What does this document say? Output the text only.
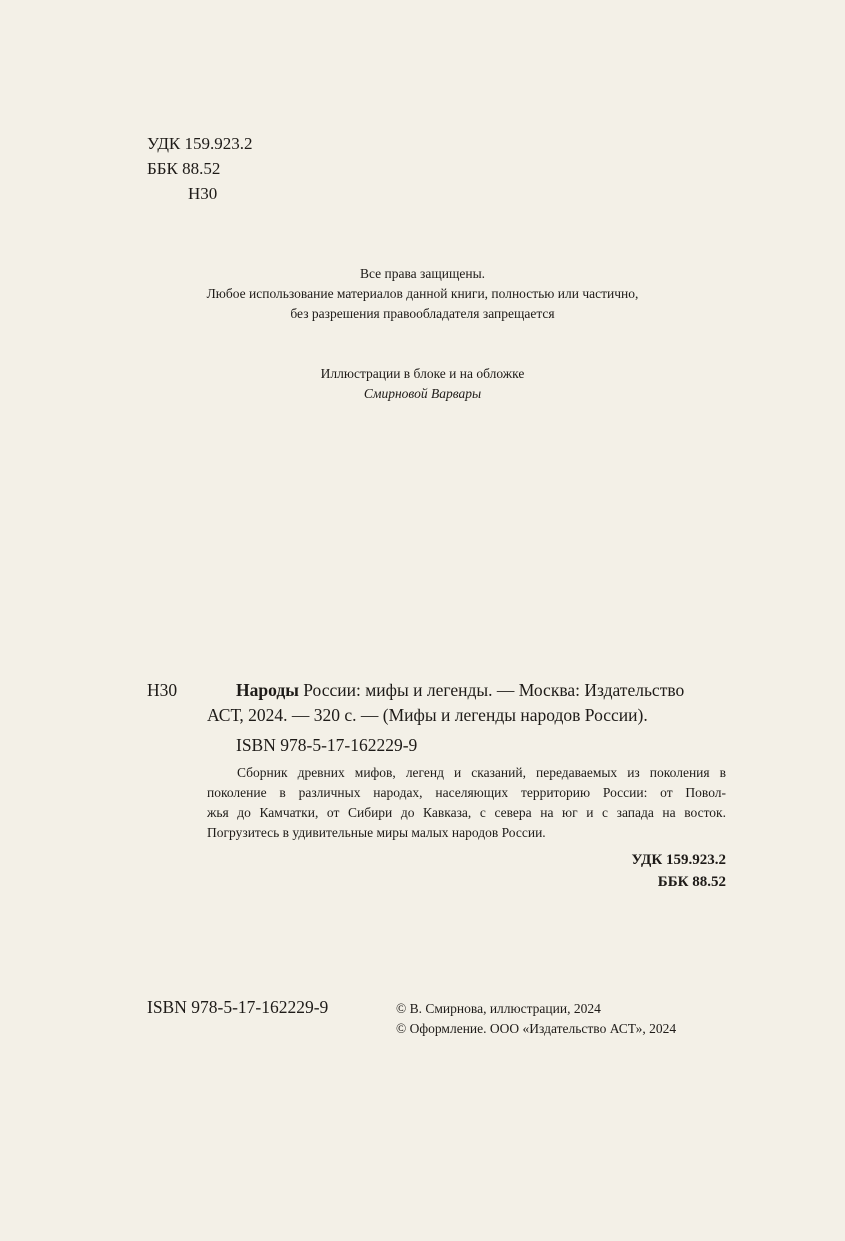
УДК 159.923.2
ББК 88.52
Н30
Все права защищены.
Любое использование материалов данной книги, полностью или частично,
без разрешения правообладателя запрещается
Иллюстрации в блоке и на обложке
Смирновой Варвары
Н30	Народы России: мифы и легенды. — Москва: Издательство
АСТ, 2024. — 320 с. — (Мифы и легенды народов России).
ISBN 978-5-17-162229-9

Сборник древних мифов, легенд и сказаний, передаваемых из поколения в

поколение в различных народах, населяющих территорию России: от Повол-

жья до Камчатки, от Сибири до Кавказа, с севера на юг и с запада на восток.

Погрузитесь в удивительные миры малых народов России.

УДК 159.923.2
ББК 88.52
ISBN 978-5-17-162229-9	© В. Смирнова, иллюстрации, 2024
© Оформление. ООО «Издательство АСТ», 2024
